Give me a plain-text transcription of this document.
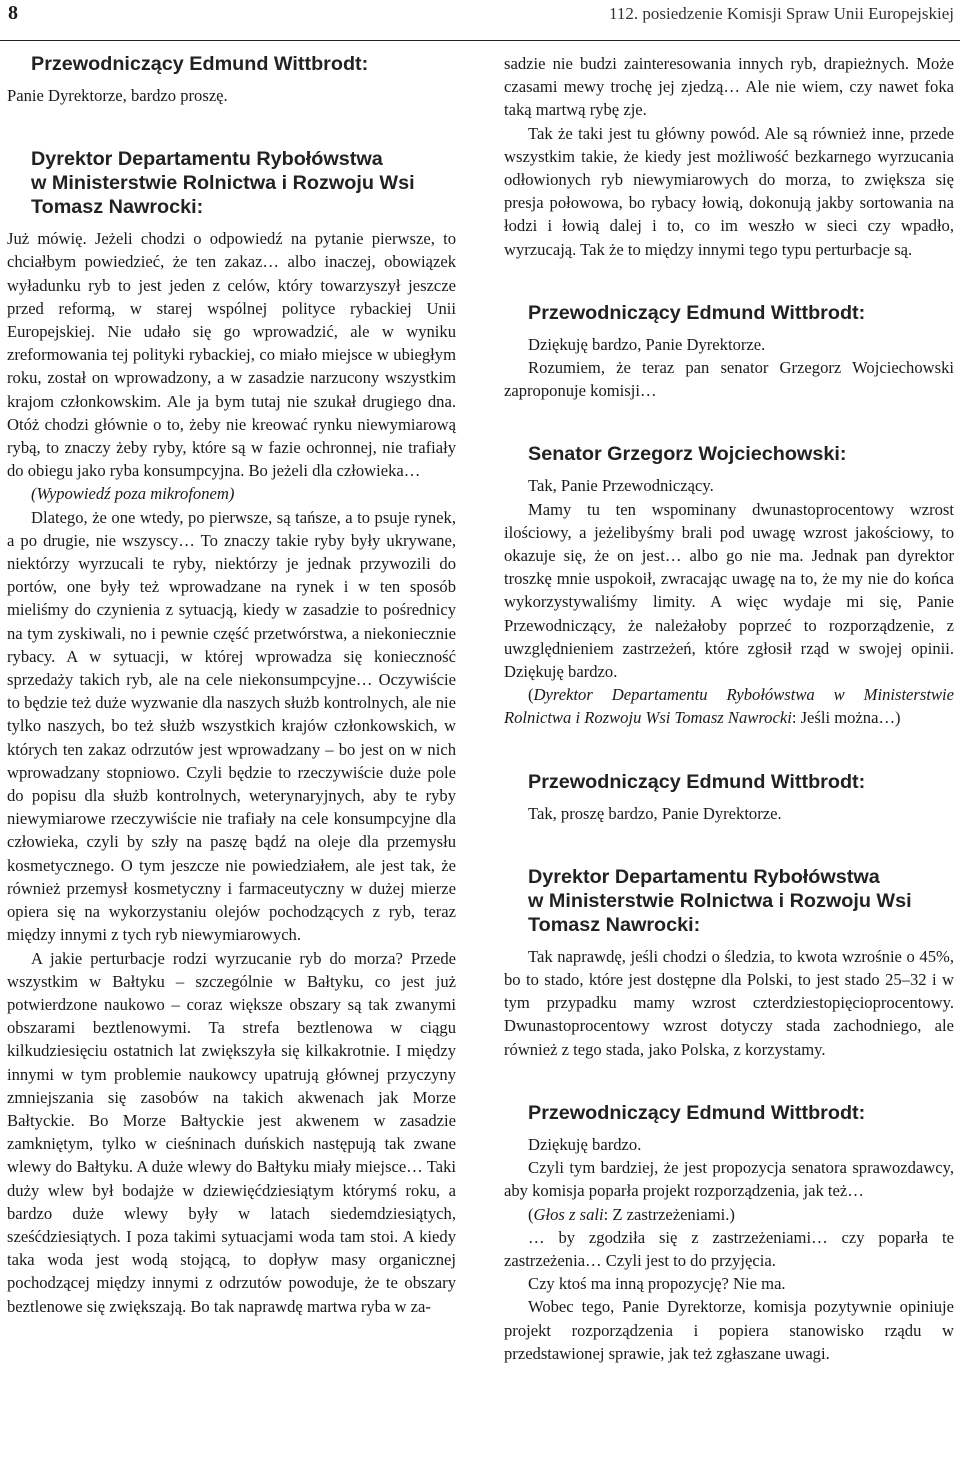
8	112. posiedzenie Komisji Spraw Unii Europejskiej
Przewodniczący Edmund Wittbrodt:

Panie Dyrektorze, bardzo proszę.

Dyrektor Departamentu Rybołówstwa
w Ministerstwie Rolnictwa i Rozwoju Wsi
Tomasz Nawrocki:

Już mówię. Jeżeli chodzi o odpowiedź na pytanie pierwsze, to chciałbym powiedzieć, że ten zakaz… albo inaczej, obowiązek wyładunku ryb to jest jeden z celów, który towarzyszył jeszcze przed reformą, w starej wspólnej polityce rybackiej Unii Europejskiej. Nie udało się go wprowadzić, ale w wyniku zreformowania tej polityki rybackiej, co miało miejsce w ubiegłym roku, został on wprowadzony, a w zasadzie narzucony wszystkim krajom członkowskim. Ale ja bym tutaj nie szukał drugiego dna. Otóż chodzi głównie o to, żeby nie kreować rynku niewymiarową rybą, to znaczy żeby ryby, które są w fazie ochronnej, nie trafiały do obiegu jako ryba konsumpcyjna. Bo jeżeli dla człowieka…

(Wypowiedź poza mikrofonem)

Dlatego, że one wtedy, po pierwsze, są tańsze, a to psuje rynek, a po drugie, nie wszyscy… To znaczy takie ryby były ukrywane, niektórzy wyrzucali te ryby, niektórzy je jednak przywozili do portów, one były też wprowadzane na rynek i w ten sposób mieliśmy do czynienia z sytuacją, kiedy w zasadzie to pośrednicy na tym zyskiwali, no i pewnie część przetwórstwa, a niekoniecznie rybacy. A w sytuacji, w której wprowadza się konieczność sprzedaży takich ryb, ale na cele niekonsumpcyjne… Oczywiście to będzie też duże wyzwanie dla naszych służb kontrolnych, ale nie tylko naszych, bo też służb wszystkich krajów członkowskich, w których ten zakaz odrzutów jest wprowadzany – bo jest on w nich wprowadzany stopniowo. Czyli będzie to rzeczywiście duże pole do popisu dla służb kontrolnych, weterynaryjnych, aby te ryby niewymiarowe rzeczywiście nie trafiały na cele konsumpcyjne dla człowieka, czyli by szły na paszę bądź na oleje dla przemysłu kosmetycznego. O tym jeszcze nie powiedziałem, ale jest tak, że również przemysł kosmetyczny i farmaceutyczny w dużej mierze opiera się na wykorzystaniu olejów pochodzących z ryb, teraz między innymi z tych ryb niewymiarowych.

A jakie perturbacje rodzi wyrzucanie ryb do morza? Przede wszystkim w Bałtyku – szczególnie w Bałtyku, co jest już potwierdzone naukowo – coraz większe obszary są tak zwanymi obszarami beztlenowymi. Ta strefa beztlenowa w ciągu kilkudziesięciu ostatnich lat zwiększyła się kilkakrotnie. I między innymi w tym problemie naukowcy upatrują głównej przyczyny zmniejszania się zasobów na takich akwenach jak Morze Bałtyckie. Bo Morze Bałtyckie jest akwenem w zasadzie zamkniętym, tylko w cieśninach duńskich następują tak zwane wlewy do Bałtyku. A duże wlewy do Bałtyku miały miejsce… Taki duży wlew był bodajże w dziewięćdziesiątym którymś roku, a bardzo duże wlewy były w latach siedemdziesiątych, sześćdziesiątych. I poza takimi sytuacjami woda tam stoi. A kiedy taka woda jest wodą stojącą, to dopływ masy organicznej pochodzącej między innymi z odrzutów powoduje, że te obszary beztlenowe się zwiększają. Bo tak naprawdę martwa ryba w za-

sadzie nie budzi zainteresowania innych ryb, drapieżnych. Może czasami mewy trochę jej zjedzą… Ale nie wiem, czy nawet foka taką martwą rybę zje.

Tak że taki jest tu główny powód. Ale są również inne, przede wszystkim takie, że kiedy jest możliwość bezkarnego wyrzucania odłowionych ryb niewymiarowych do morza, to zwiększa się presja połowowa, bo rybacy łowią, dokonują jakby sortowania na łodzi i łowią dalej i to, co im weszło w sieci czy wpadło, wyrzucają. Tak że to między innymi tego typu perturbacje są.

Przewodniczący Edmund Wittbrodt:

Dziękuję bardzo, Panie Dyrektorze.

Rozumiem, że teraz pan senator Grzegorz Wojciechowski zaproponuje komisji…

Senator Grzegorz Wojciechowski:

Tak, Panie Przewodniczący.

Mamy tu ten wspominany dwunastoprocentowy wzrost ilościowy, a jeżelibyśmy brali pod uwagę wzrost jakościowy, to okazuje się, że on jest… albo go nie ma. Jednak pan dyrektor troszkę mnie uspokoił, zwracając uwagę na to, że my nie do końca wykorzystywaliśmy limity. A więc wydaje mi się, Panie Przewodniczący, że należałoby poprzeć to rozporządzenie, z uwzględnieniem zastrzeżeń, które zgłosił rząd w swojej opinii. Dziękuję bardzo.

(Dyrektor Departamentu Rybołówstwa w Ministerstwie Rolnictwa i Rozwoju Wsi Tomasz Nawrocki: Jeśli można…)

Przewodniczący Edmund Wittbrodt:

Tak, proszę bardzo, Panie Dyrektorze.

Dyrektor Departamentu Rybołówstwa
w Ministerstwie Rolnictwa i Rozwoju Wsi
Tomasz Nawrocki:

Tak naprawdę, jeśli chodzi o śledzia, to kwota wzrośnie o 45%, bo to stado, które jest dostępne dla Polski, to jest stado 25–32 i w tym przypadku mamy wzrost czterdziestopięcioprocentowy. Dwunastoprocentowy wzrost dotyczy stada zachodniego, ale również z tego stada, jako Polska, z korzystamy.

Przewodniczący Edmund Wittbrodt:

Dziękuję bardzo.

Czyli tym bardziej, że jest propozycja senatora sprawozdawcy, aby komisja poparła projekt rozporządzenia, jak też…

(Głos z sali: Z zastrzeżeniami.)

… by zgodziła się z zastrzeżeniami… czy poparła te zastrzeżenia… Czyli jest to do przyjęcia.

Czy ktoś ma inną propozycję? Nie ma.

Wobec tego, Panie Dyrektorze, komisja pozytywnie opiniuje projekt rozporządzenia i popiera stanowisko rządu w przedstawionej sprawie, jak też zgłaszane uwagi.
